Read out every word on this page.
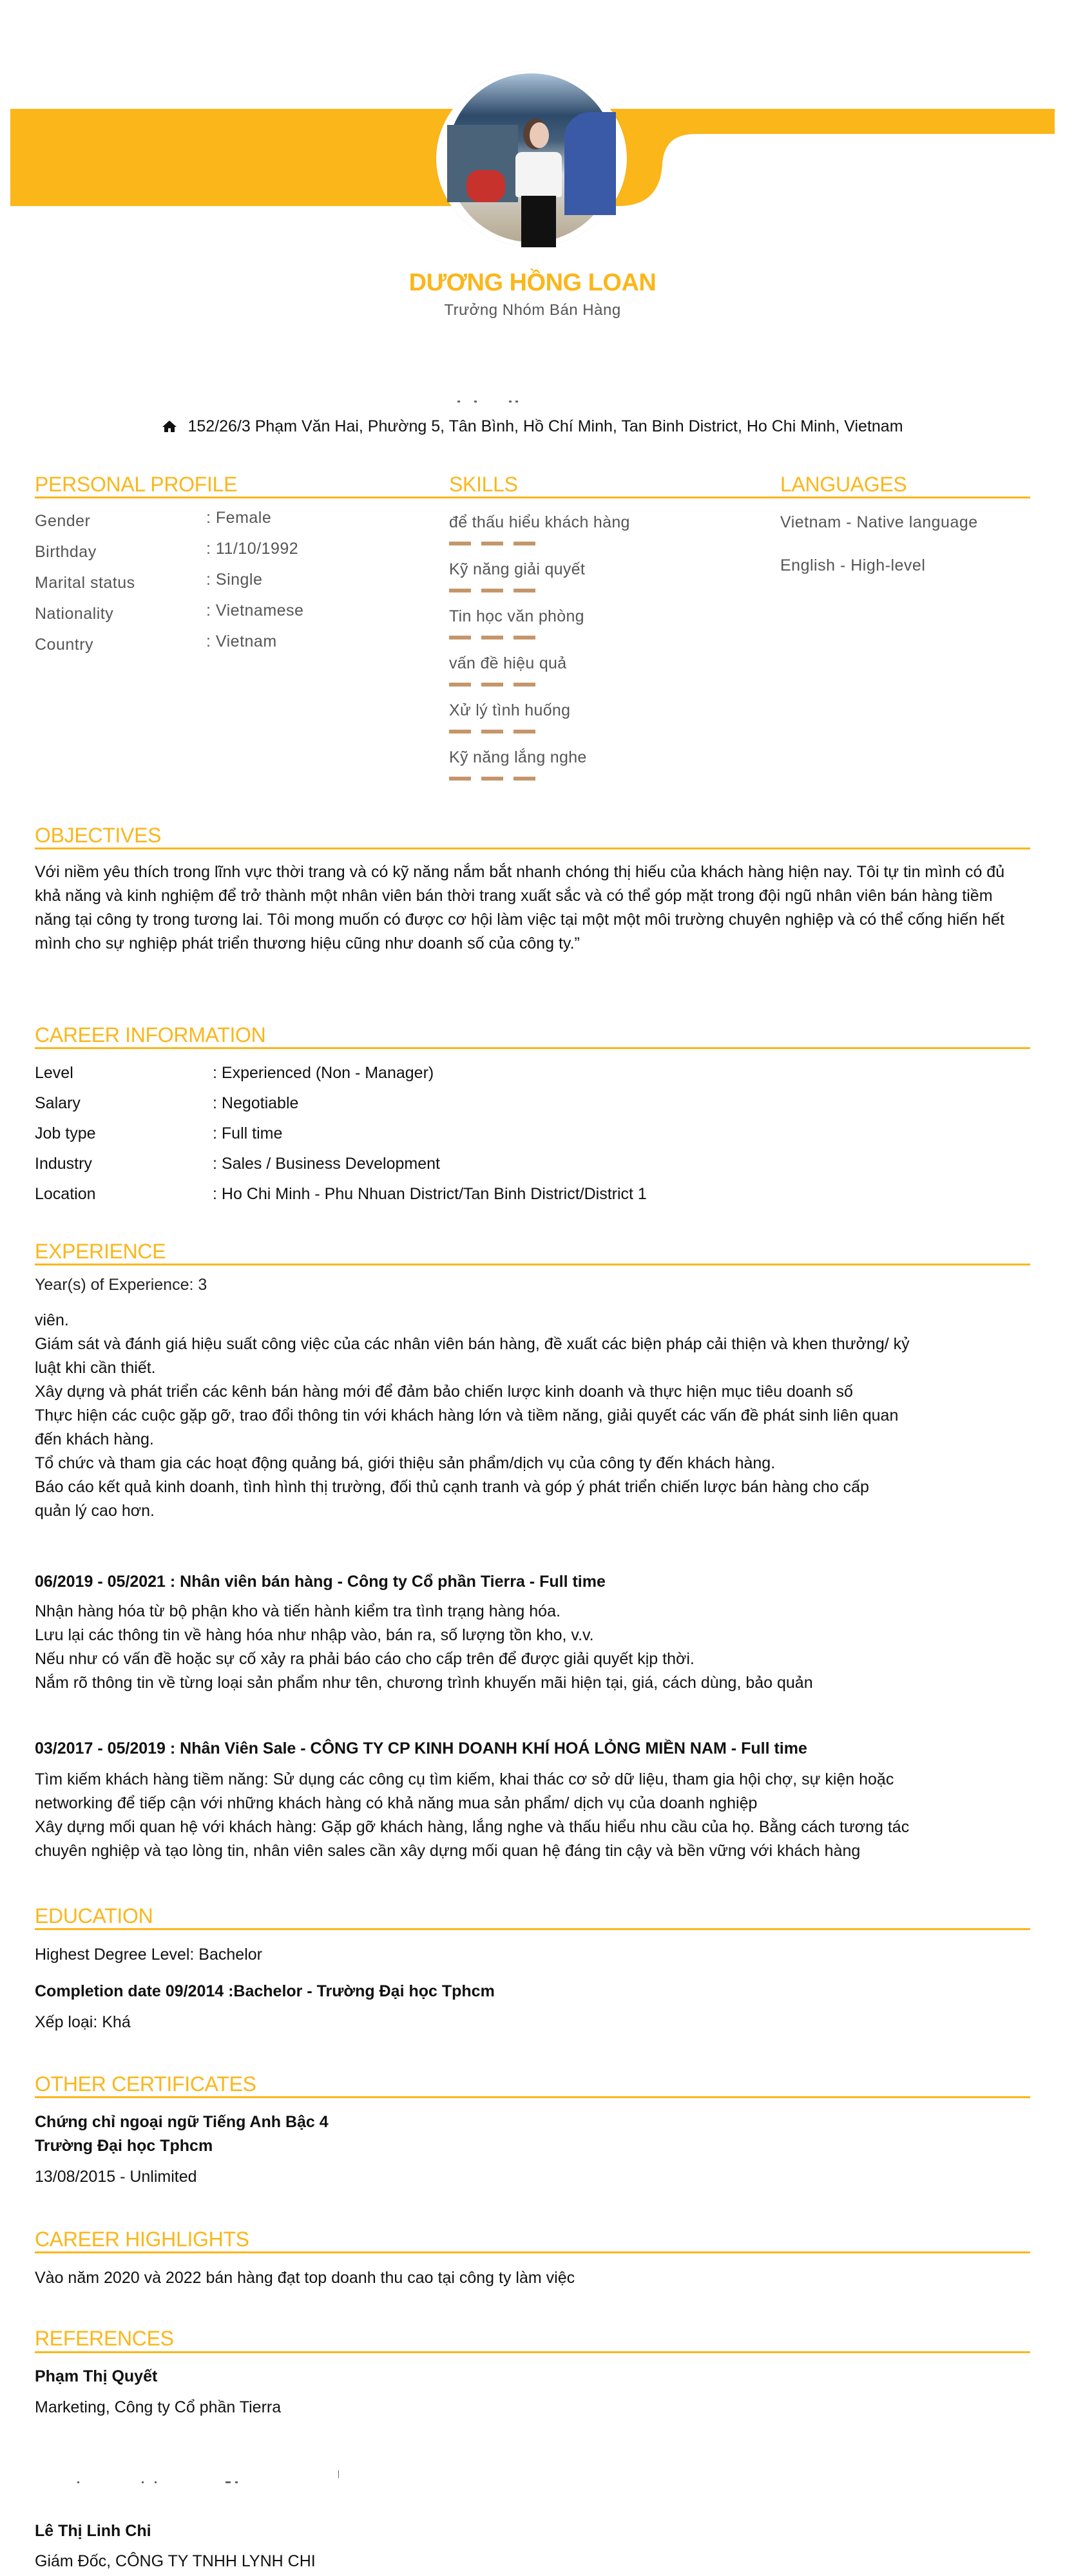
DƯƠNG HỒNG LOAN
Trưởng Nhóm Bán Hàng
152/26/3 Phạm Văn Hai, Phường 5, Tân Bình, Hồ Chí Minh, Tan Binh District, Ho Chi Minh, Vietnam
PERSONAL PROFILE
Gender	: Female
Birthday	: 11/10/1992
Marital status	: Single
Nationality	: Vietnamese
Country	: Vietnam
SKILLS
để thấu hiểu khách hàng
Kỹ năng giải quyết
Tin học văn phòng
vấn đề hiệu quả
Xử lý tình huống
Kỹ năng lắng nghe
LANGUAGES
Vietnam - Native language
English - High-level
OBJECTIVES
Với niềm yêu thích trong lĩnh vực thời trang và có kỹ năng nắm bắt nhanh chóng thị hiếu của khách hàng hiện nay. Tôi tự tin mình có đủ khả năng và kinh nghiệm để trở thành một nhân viên bán thời trang xuất sắc và có thể góp mặt trong đội ngũ nhân viên bán hàng tiềm năng tại công ty trong tương lai. Tôi mong muốn có được cơ hội làm việc tại một một môi trường chuyên nghiệp và có thể cống hiến hết mình cho sự nghiệp phát triển thương hiệu cũng như doanh số của công ty.”
CAREER INFORMATION
Level	: Experienced (Non - Manager)
Salary	: Negotiable
Job type	: Full time
Industry	: Sales / Business Development
Location	: Ho Chi Minh - Phu Nhuan District/Tan Binh District/District 1
EXPERIENCE
Year(s) of Experience: 3
viên.
Giám sát và đánh giá hiệu suất công việc của các nhân viên bán hàng, đề xuất các biện pháp cải thiện và khen thưởng/ kỷ
luật khi cần thiết.
Xây dựng và phát triển các kênh bán hàng mới để đảm bảo chiến lược kinh doanh và thực hiện mục tiêu doanh số
Thực hiện các cuộc gặp gỡ, trao đổi thông tin với khách hàng lớn và tiềm năng, giải quyết các vấn đề phát sinh liên quan
đến khách hàng.
Tổ chức và tham gia các hoạt động quảng bá, giới thiệu sản phẩm/dịch vụ của công ty đến khách hàng.
Báo cáo kết quả kinh doanh, tình hình thị trường, đối thủ cạnh tranh và góp ý phát triển chiến lược bán hàng cho cấp
quản lý cao hơn.
06/2019 - 05/2021 : Nhân viên bán hàng - Công ty Cổ phần Tierra - Full time
Nhận hàng hóa từ bộ phận kho và tiến hành kiểm tra tình trạng hàng hóa.
Lưu lại các thông tin về hàng hóa như nhập vào, bán ra, số lượng tồn kho, v.v.
Nếu như có vấn đề hoặc sự cố xảy ra phải báo cáo cho cấp trên để được giải quyết kịp thời.
Nắm rõ thông tin về từng loại sản phẩm như tên, chương trình khuyến mãi hiện tại, giá, cách dùng, bảo quản
03/2017 - 05/2019 : Nhân Viên Sale - CÔNG TY CP KINH DOANH KHÍ HOÁ LỎNG MIỀN NAM - Full time
Tìm kiếm khách hàng tiềm năng: Sử dụng các công cụ tìm kiếm, khai thác cơ sở dữ liệu, tham gia hội chợ, sự kiện hoặc
networking để tiếp cận với những khách hàng có khả năng mua sản phẩm/ dịch vụ của doanh nghiệp
Xây dựng mối quan hệ với khách hàng: Gặp gỡ khách hàng, lắng nghe và thấu hiểu nhu cầu của họ. Bằng cách tương tác
chuyên nghiệp và tạo lòng tin, nhân viên sales cần xây dựng mối quan hệ đáng tin cậy và bền vững với khách hàng
EDUCATION
Highest Degree Level: Bachelor
Completion date 09/2014 :Bachelor - Trường Đại học Tphcm
Xếp loại: Khá
OTHER CERTIFICATES
Chứng chỉ ngoại ngữ Tiếng Anh Bậc 4
Trường Đại học Tphcm
13/08/2015 - Unlimited
CAREER HIGHLIGHTS
Vào năm 2020 và 2022 bán hàng đạt top doanh thu cao tại công ty làm việc
REFERENCES
Phạm Thị Quyết
Marketing, Công ty Cổ phần Tierra
Lê Thị Linh Chi
Giám Đốc, CÔNG TY TNHH LYNH CHI
